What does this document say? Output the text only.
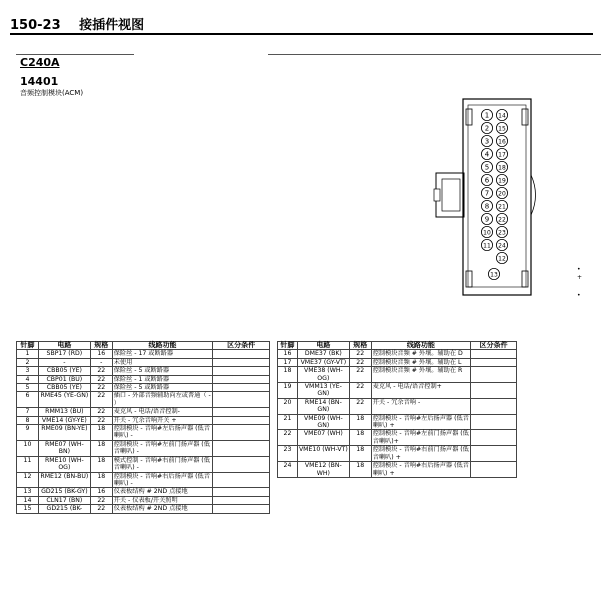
150-23 接插件视图
C240A
14401
音频控制模块(ACM)
1 14
2 15
3 16
4 17
5 18
6 19
7 20
8 21
9 22
10 23
11 24
12
13
•
+
•
针脚	电路	规格	线路功能	区分条件
1	SBP17 (RD)	16	保险丝 - 17 或断路器	
2	-	-	未使用	
3	CBB05 (YE)	22	保险丝 - 5 或断路器	
4	CBP01 (BU)	22	保险丝 - 1 或断路器	
5	CBB05 (YE)	22	保险丝 - 5 或断路器	
6	RME45 (YE-GN)	22	插口 - 外部音频辅助向左或普通（ - ）	
7	RMM13 (BU)	22	麦克风 - 电话/语音控制-	
8	VME14 (GY-YE)	22	开关 - 冗余音响开关 +	
9	RME09 (BN-YE)	18	控制模块 - 音响#左后扬声器 (低音喇叭) -	
10	RME07 (WH-BN)	18	控制模块 - 音响#左前门扬声器 (低音喇叭) -	
11	RME10 (WH-OG)	18	模式控制 - 音响#右前门扬声器 (低音喇叭) -	
12	RME12 (BN-BU)	18	控制模块 - 音响#右后扬声器 (低音喇叭) -	
13	GD215 (BK-GY)	16	仪表板结构 # 2ND 点接地	
14	CLN17 (BN)	22	开关 - 仪表板/开关照明	
15	GD215 (BK-	22	仪表板结构 # 2ND 点接地	
针脚	电路	规格	线路功能	区分条件
16	DME37 (BK)	22	控制模块音频 # 外壤。辅助在 D	
17	VME37 (GY-VT)	22	控制模块音频 # 外壤。辅助在 L	
18	VME38 (WH-OG)	22	控制模块音频 # 外壤。辅助在 R	
19	VMM13 (YE-GN)	22	麦克风 - 电话/语音控制+	
20	RME14 (BN-GN)	22	开关 - 冗余音响 -	
21	VME09 (WH-GN)	18	控制模块 - 音响#左后扬声器 (低音喇叭) +	
22	VME07 (WH)	18	控制模块 - 音响#左前门扬声器 (低音喇叭)+	
23	VME10 (WH-VT)	18	控制模块 - 音响#右前门扬声器 (低音喇叭) +	
24	VME12 (BN-WH)	18	控制模块 - 音响#右后扬声器 (低音喇叭) +	
